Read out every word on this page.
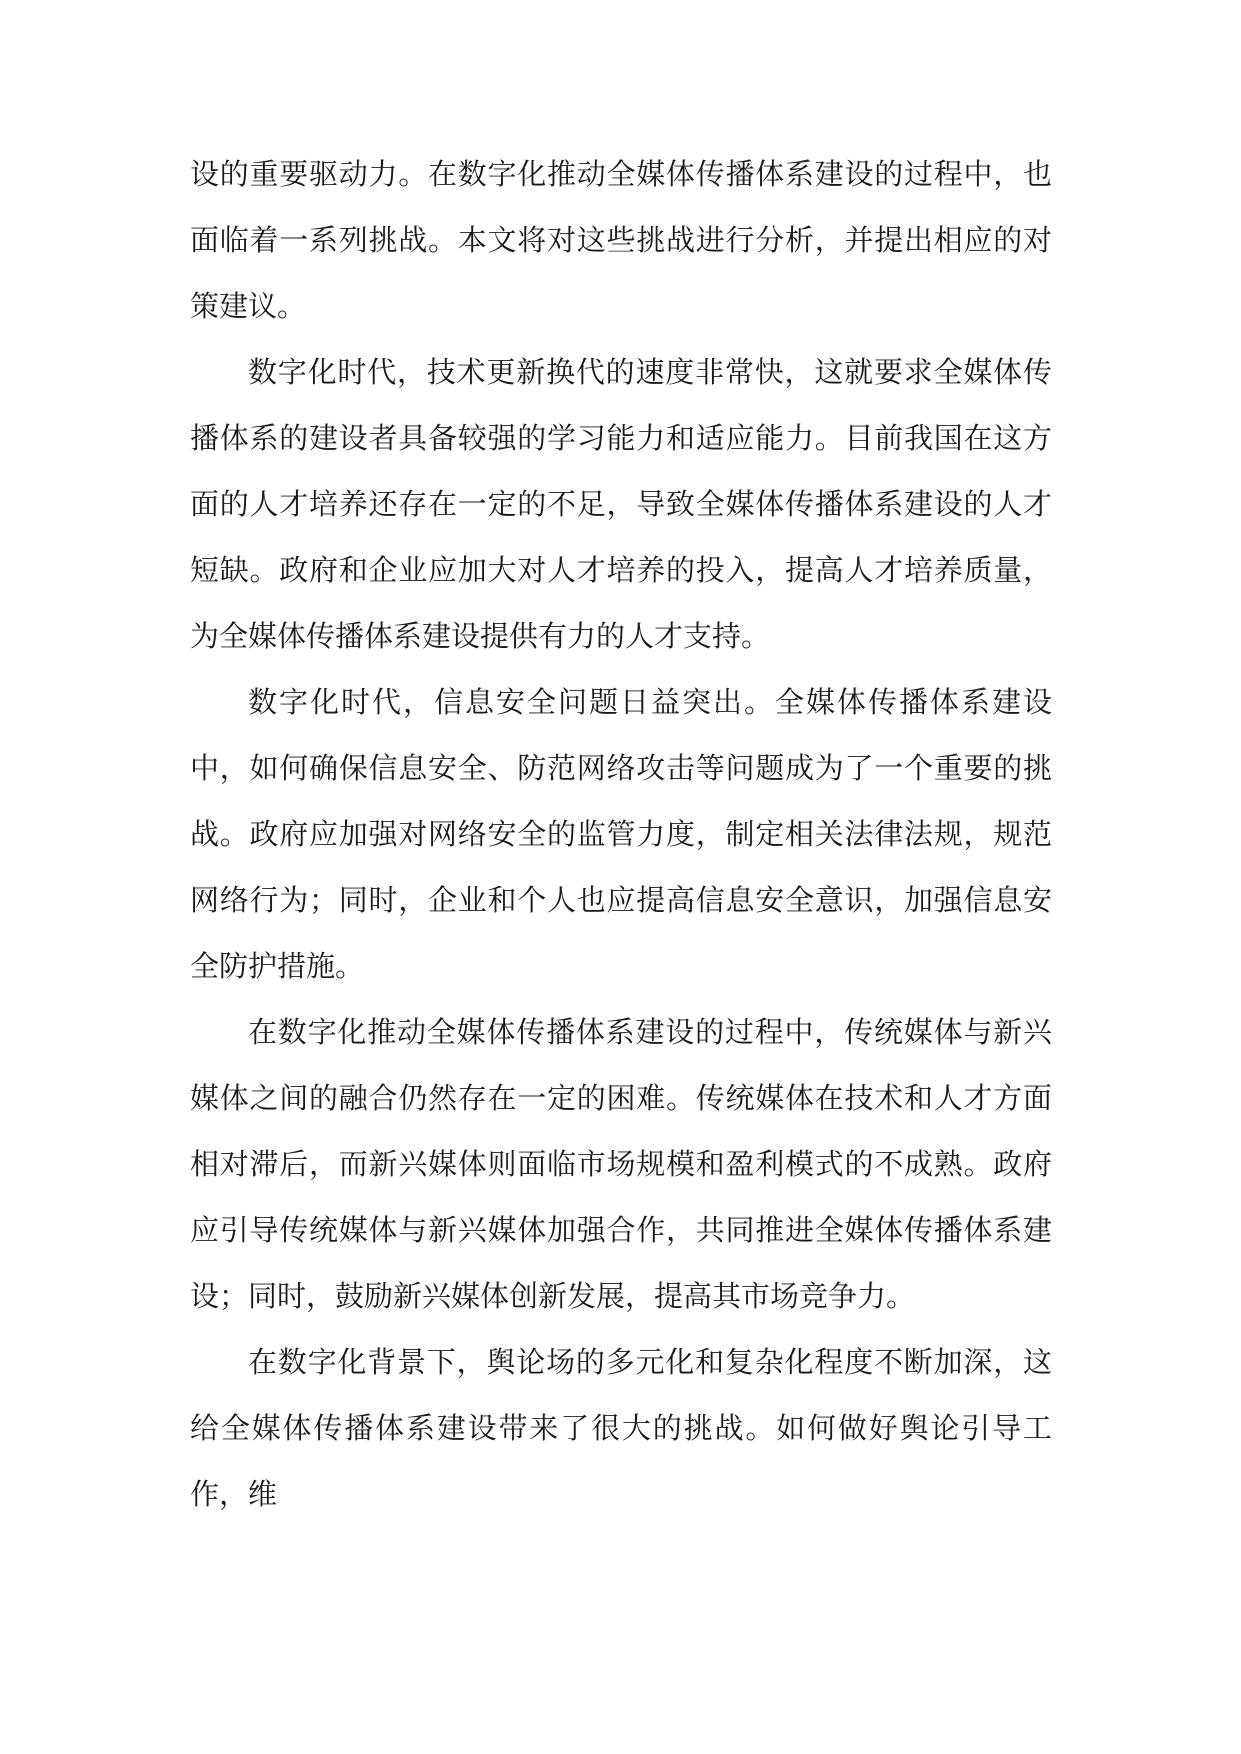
设的重要驱动力。在数字化推动全媒体传播体系建设的过程中，也面临着一系列挑战。本文将对这些挑战进行分析，并提出相应的对策建议。

数字化时代，技术更新换代的速度非常快，这就要求全媒体传播体系的建设者具备较强的学习能力和适应能力。目前我国在这方面的人才培养还存在一定的不足，导致全媒体传播体系建设的人才短缺。政府和企业应加大对人才培养的投入，提高人才培养质量，为全媒体传播体系建设提供有力的人才支持。

数字化时代，信息安全问题日益突出。全媒体传播体系建设中，如何确保信息安全、防范网络攻击等问题成为了一个重要的挑战。政府应加强对网络安全的监管力度，制定相关法律法规，规范网络行为；同时，企业和个人也应提高信息安全意识，加强信息安全防护措施。

在数字化推动全媒体传播体系建设的过程中，传统媒体与新兴媒体之间的融合仍然存在一定的困难。传统媒体在技术和人才方面相对滞后，而新兴媒体则面临市场规模和盈利模式的不成熟。政府应引导传统媒体与新兴媒体加强合作，共同推进全媒体传播体系建设；同时，鼓励新兴媒体创新发展，提高其市场竞争力。

在数字化背景下，舆论场的多元化和复杂化程度不断加深，这给全媒体传播体系建设带来了很大的挑战。如何做好舆论引导工作，维
